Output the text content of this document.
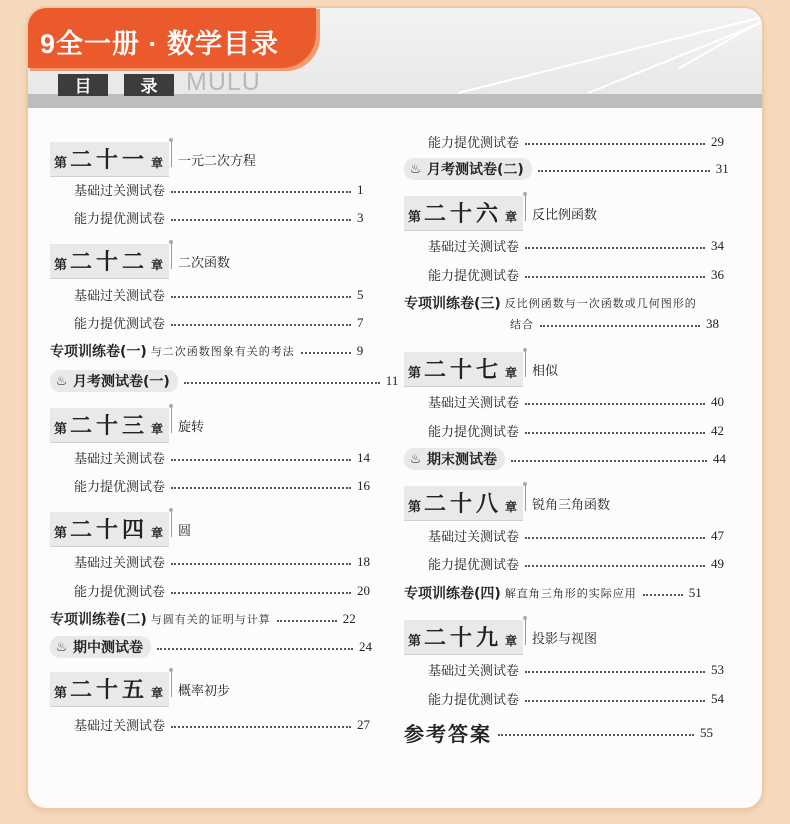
目	录	MULU
9全一册 · 数学目录
第 二十一 章 一元二次方程
基础过关测试卷	1
能力提优测试卷	3
第 二十二 章 二次函数
基础过关测试卷	5
能力提优测试卷	7
专项训练卷(一) 与二次函数图象有关的考法	9
♨ 月考测试卷(一)	11
第 二十三 章 旋转
基础过关测试卷	14
能力提优测试卷	16
第 二十四 章 圆
基础过关测试卷	18
能力提优测试卷	20
专项训练卷(二) 与圆有关的证明与计算	22
♨ 期中测试卷	24
第 二十五 章 概率初步
基础过关测试卷	27
能力提优测试卷	29
♨ 月考测试卷(二)	31
第 二十六 章 反比例函数
基础过关测试卷	34
能力提优测试卷	36
专项训练卷(三) 反比例函数与一次函数或几何图形的
结合	38
第 二十七 章 相似
基础过关测试卷	40
能力提优测试卷	42
♨ 期末测试卷	44
第 二十八 章 锐角三角函数
基础过关测试卷	47
能力提优测试卷	49
专项训练卷(四) 解直角三角形的实际应用	51
第 二十九 章 投影与视图
基础过关测试卷	53
能力提优测试卷	54
参考答案	55
